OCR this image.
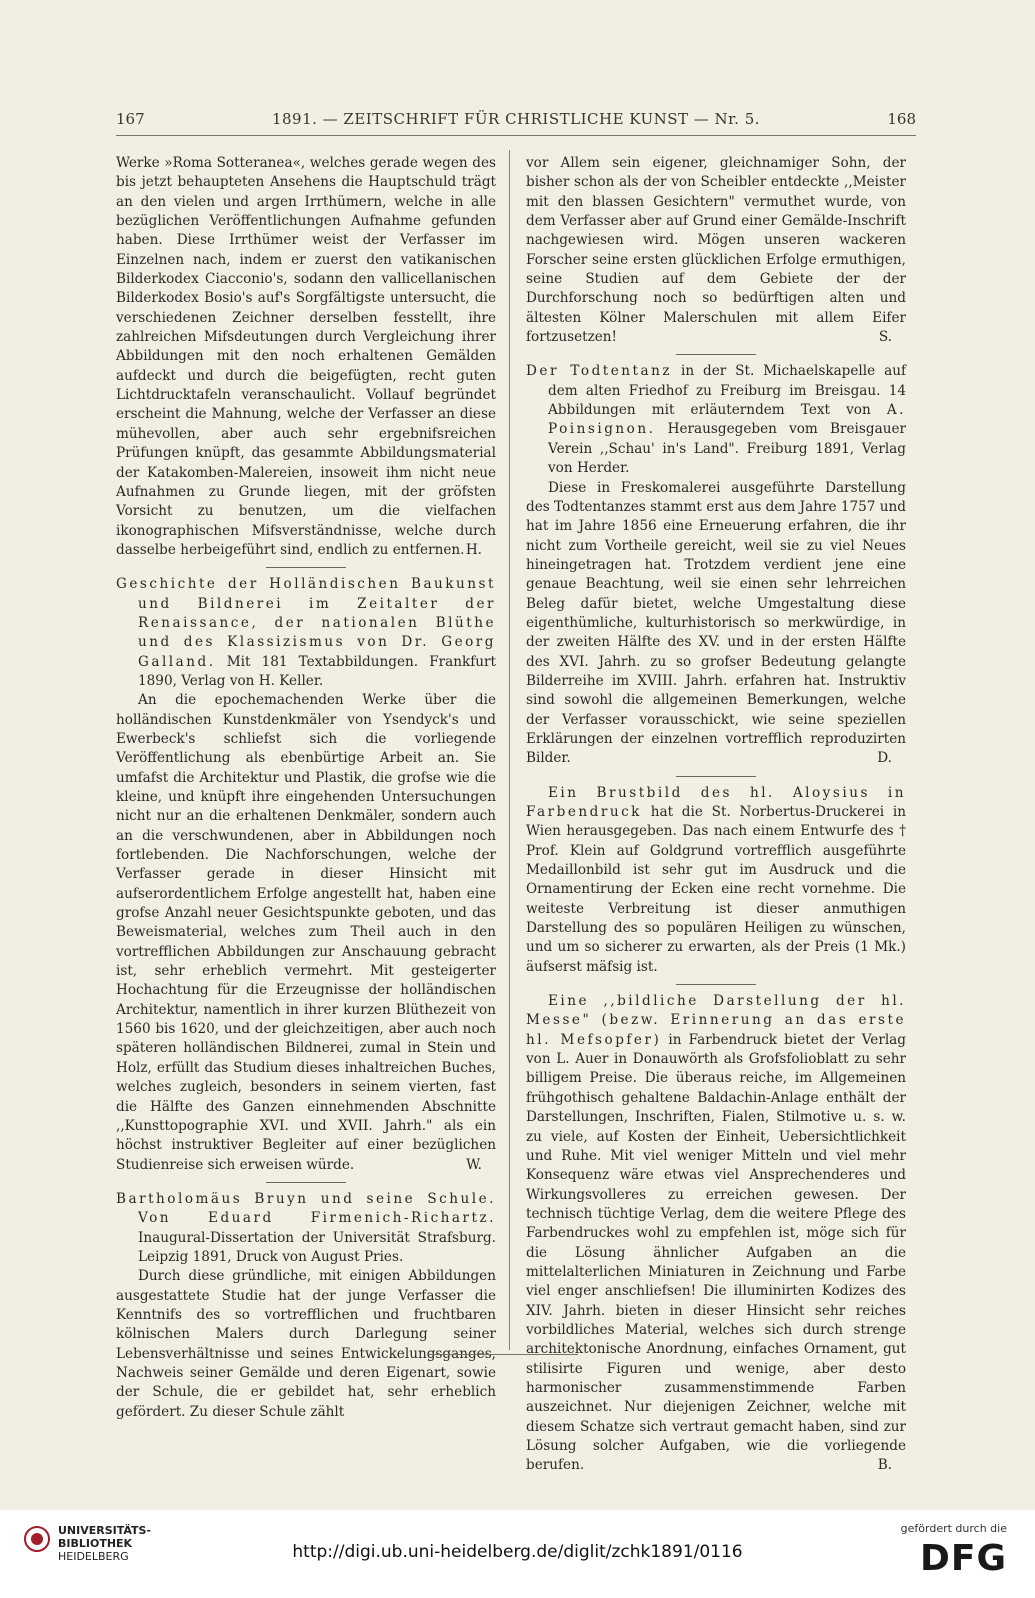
167	1891. — ZEITSCHRIFT FÜR CHRISTLICHE KUNST — Nr. 5.	168

Werke »Roma Sotteranea«, welches gerade wegen des bis jetzt behaupteten Ansehens die Hauptschuld trägt an den vielen und argen Irrthümern, welche in alle bezüglichen Veröffentlichungen Aufnahme gefunden haben. Diese Irrthümer weist der Verfasser im Einzelnen nach, indem er zuerst den vatikanischen Bilderkodex Ciacconio's, sodann den vallicellanischen Bilderkodex Bosio's auf's Sorgfältigste untersucht, die verschiedenen Zeichner derselben fesstellt, ihre zahlreichen Mifsdeutungen durch Vergleichung ihrer Abbildungen mit den noch erhaltenen Gemälden aufdeckt und durch die beigefügten, recht guten Lichtdrucktafeln veranschaulicht. Vollauf begründet erscheint die Mahnung, welche der Verfasser an diese mühevollen, aber auch sehr ergebnifsreichen Prüfungen knüpft, das gesammte Abbildungsmaterial der Katakomben-Malereien, insoweit ihm nicht neue Aufnahmen zu Grunde liegen, mit der gröfsten Vorsicht zu benutzen, um die vielfachen ikonographischen Mifsverständnisse, welche durch dasselbe herbeigeführt sind, endlich zu entfernen. H.

Geschichte der Holländischen Baukunst und Bildnerei im Zeitalter der Renaissance, der nationalen Blüthe und des Klassizismus von Dr. Georg Galland. Mit 181 Textabbildungen. Frankfurt 1890, Verlag von H. Keller.

An die epochemachenden Werke über die holländischen Kunstdenkmäler von Ysendyck's und Ewerbeck's schliefst sich die vorliegende Veröffentlichung als ebenbürtige Arbeit an. Sie umfafst die Architektur und Plastik, die grofse wie die kleine, und knüpft ihre eingehenden Untersuchungen nicht nur an die erhaltenen Denkmäler, sondern auch an die verschwundenen, aber in Abbildungen noch fortlebenden. Die Nachforschungen, welche der Verfasser gerade in dieser Hinsicht mit aufserordentlichem Erfolge angestellt hat, haben eine grofse Anzahl neuer Gesichtspunkte geboten, und das Beweismaterial, welches zum Theil auch in den vortrefflichen Abbildungen zur Anschauung gebracht ist, sehr erheblich vermehrt. Mit gesteigerter Hochachtung für die Erzeugnisse der holländischen Architektur, namentlich in ihrer kurzen Blüthezeit von 1560 bis 1620, und der gleichzeitigen, aber auch noch späteren holländischen Bildnerei, zumal in Stein und Holz, erfüllt das Studium dieses inhaltreichen Buches, welches zugleich, besonders in seinem vierten, fast die Hälfte des Ganzen einnehmenden Abschnitte ,,Kunsttopographie XVI. und XVII. Jahrh." als ein höchst instruktiver Begleiter auf einer bezüglichen Studienreise sich erweisen würde.	W.

Bartholomäus Bruyn und seine Schule. Von Eduard Firmenich-Richartz. Inaugural-Dissertation der Universität Strafsburg. Leipzig 1891, Druck von August Pries.

Durch diese gründliche, mit einigen Abbildungen ausgestattete Studie hat der junge Verfasser die Kenntnifs des so vortrefflichen und fruchtbaren kölnischen Malers durch Darlegung seiner Lebensverhältnisse und seines Entwickelungsganges, Nachweis seiner Gemälde und deren Eigenart, sowie der Schule, die er gebildet hat, sehr erheblich gefördert. Zu dieser Schule zählt

vor Allem sein eigener, gleichnamiger Sohn, der bisher schon als der von Scheibler entdeckte ,,Meister mit den blassen Gesichtern" vermuthet wurde, von dem Verfasser aber auf Grund einer Gemälde-Inschrift nachgewiesen wird. Mögen unseren wackeren Forscher seine ersten glücklichen Erfolge ermuthigen, seine Studien auf dem Gebiete der der Durchforschung noch so bedürftigen alten und ältesten Kölner Malerschulen mit allem Eifer fortzusetzen!	S.

Der Todtentanz in der St. Michaelskapelle auf dem alten Friedhof zu Freiburg im Breisgau. 14 Abbildungen mit erläuterndem Text von A. Poinsignon. Herausgegeben vom Breisgauer Verein ,,Schau' in's Land". Freiburg 1891, Verlag von Herder.

Diese in Freskomalerei ausgeführte Darstellung des Todtentanzes stammt erst aus dem Jahre 1757 und hat im Jahre 1856 eine Erneuerung erfahren, die ihr nicht zum Vortheile gereicht, weil sie zu viel Neues hineingetragen hat. Trotzdem verdient jene eine genaue Beachtung, weil sie einen sehr lehrreichen Beleg dafür bietet, welche Umgestaltung diese eigenthümliche, kulturhistorisch so merkwürdige, in der zweiten Hälfte des XV. und in der ersten Hälfte des XVI. Jahrh. zu so grofser Bedeutung gelangte Bilderreihe im XVIII. Jahrh. erfahren hat. Instruktiv sind sowohl die allgemeinen Bemerkungen, welche der Verfasser vorausschickt, wie seine speziellen Erklärungen der einzelnen vortrefflich reproduzirten Bilder.	D.

Ein Brustbild des hl. Aloysius in Farbendruck hat die St. Norbertus-Druckerei in Wien herausgegeben. Das nach einem Entwurfe des † Prof. Klein auf Goldgrund vortrefflich ausgeführte Medaillonbild ist sehr gut im Ausdruck und die Ornamentirung der Ecken eine recht vornehme. Die weiteste Verbreitung ist dieser anmuthigen Darstellung des so populären Heiligen zu wünschen, und um so sicherer zu erwarten, als der Preis (1 Mk.) äufserst mäfsig ist.

Eine ,,bildliche Darstellung der hl. Messe" (bezw. Erinnerung an das erste hl. Mefsopfer) in Farbendruck bietet der Verlag von L. Auer in Donauwörth als Grofsfolioblatt zu sehr billigem Preise. Die überaus reiche, im Allgemeinen frühgothisch gehaltene Baldachin-Anlage enthält der Darstellungen, Inschriften, Fialen, Stilmotive u. s. w. zu viele, auf Kosten der Einheit, Uebersichtlichkeit und Ruhe. Mit viel weniger Mitteln und viel mehr Konsequenz wäre etwas viel Ansprechenderes und Wirkungsvolleres zu erreichen gewesen. Der technisch tüchtige Verlag, dem die weitere Pflege des Farbendruckes wohl zu empfehlen ist, möge sich für die Lösung ähnlicher Aufgaben an die mittelalterlichen Miniaturen in Zeichnung und Farbe viel enger anschliefsen! Die illuminirten Kodizes des XIV. Jahrh. bieten in dieser Hinsicht sehr reiches vorbildliches Material, welches sich durch strenge architektonische Anordnung, einfaches Ornament, gut stilisirte Figuren und wenige, aber desto harmonischer zusammenstimmende Farben auszeichnet. Nur diejenigen Zeichner, welche mit diesem Schatze sich vertraut gemacht haben, sind zur Lösung solcher Aufgaben, wie die vorliegende berufen.	B.

UNIVERSITÄTS-
BIBLIOTHEK
HEIDELBERG	http://digi.ub.uni-heidelberg.de/diglit/zchk1891/0116
gefördert durch die
DFG
